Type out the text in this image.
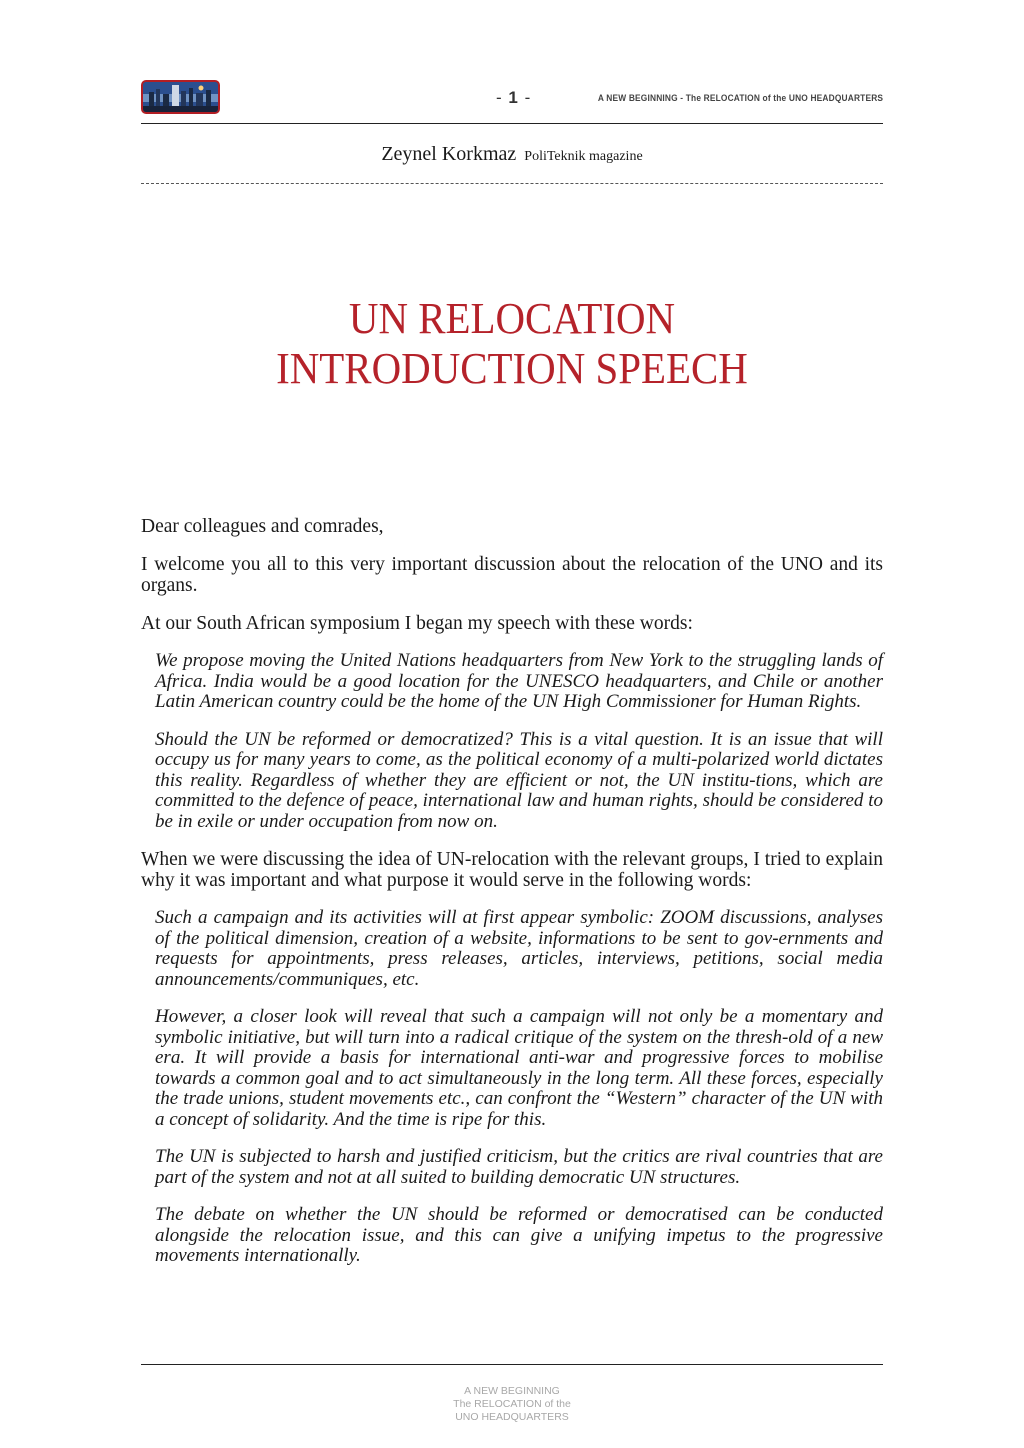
- 1 -	A NEW BEGINNING - The RELOCATION of the UNO HEADQUARTERS
Zeynel Korkmaz PoliTeknik magazine
UN RELOCATION
INTRODUCTION SPEECH

Dear colleagues and comrades,

I welcome you all to this very important discussion about the relocation of the UNO and its organs.

At our South African symposium I began my speech with these words:

We propose moving the United Nations headquarters from New York to the struggling lands of Africa. India would be a good location for the UNESCO headquarters, and Chile or another Latin American country could be the home of the UN High Commissioner for Human Rights.

Should the UN be reformed or democratized? This is a vital question. It is an issue that will occupy us for many years to come, as the political economy of a multi-polarized world dictates this reality. Regardless of whether they are efficient or not, the UN institu-tions, which are committed to the defence of peace, international law and human rights, should be considered to be in exile or under occupation from now on.

When we were discussing the idea of UN-relocation with the relevant groups, I tried to explain why it was important and what purpose it would serve in the following words:

Such a campaign and its activities will at first appear symbolic: ZOOM discussions, analyses of the political dimension, creation of a website, informations to be sent to gov-ernments and requests for appointments, press releases, articles, interviews, petitions, social media announcements/communiques, etc.

However, a closer look will reveal that such a campaign will not only be a momentary and symbolic initiative, but will turn into a radical critique of the system on the thresh-old of a new era. It will provide a basis for international anti-war and progressive forces to mobilise towards a common goal and to act simultaneously in the long term. All these forces, especially the trade unions, student movements etc., can confront the “Western” character of the UN with a concept of solidarity. And the time is ripe for this.

The UN is subjected to harsh and justified criticism, but the critics are rival countries that are part of the system and not at all suited to building democratic UN structures.

The debate on whether the UN should be reformed or democratised can be conducted alongside the relocation issue, and this can give a unifying impetus to the progressive movements internationally.

A NEW BEGINNING
The RELOCATION of the
UNO HEADQUARTERS
